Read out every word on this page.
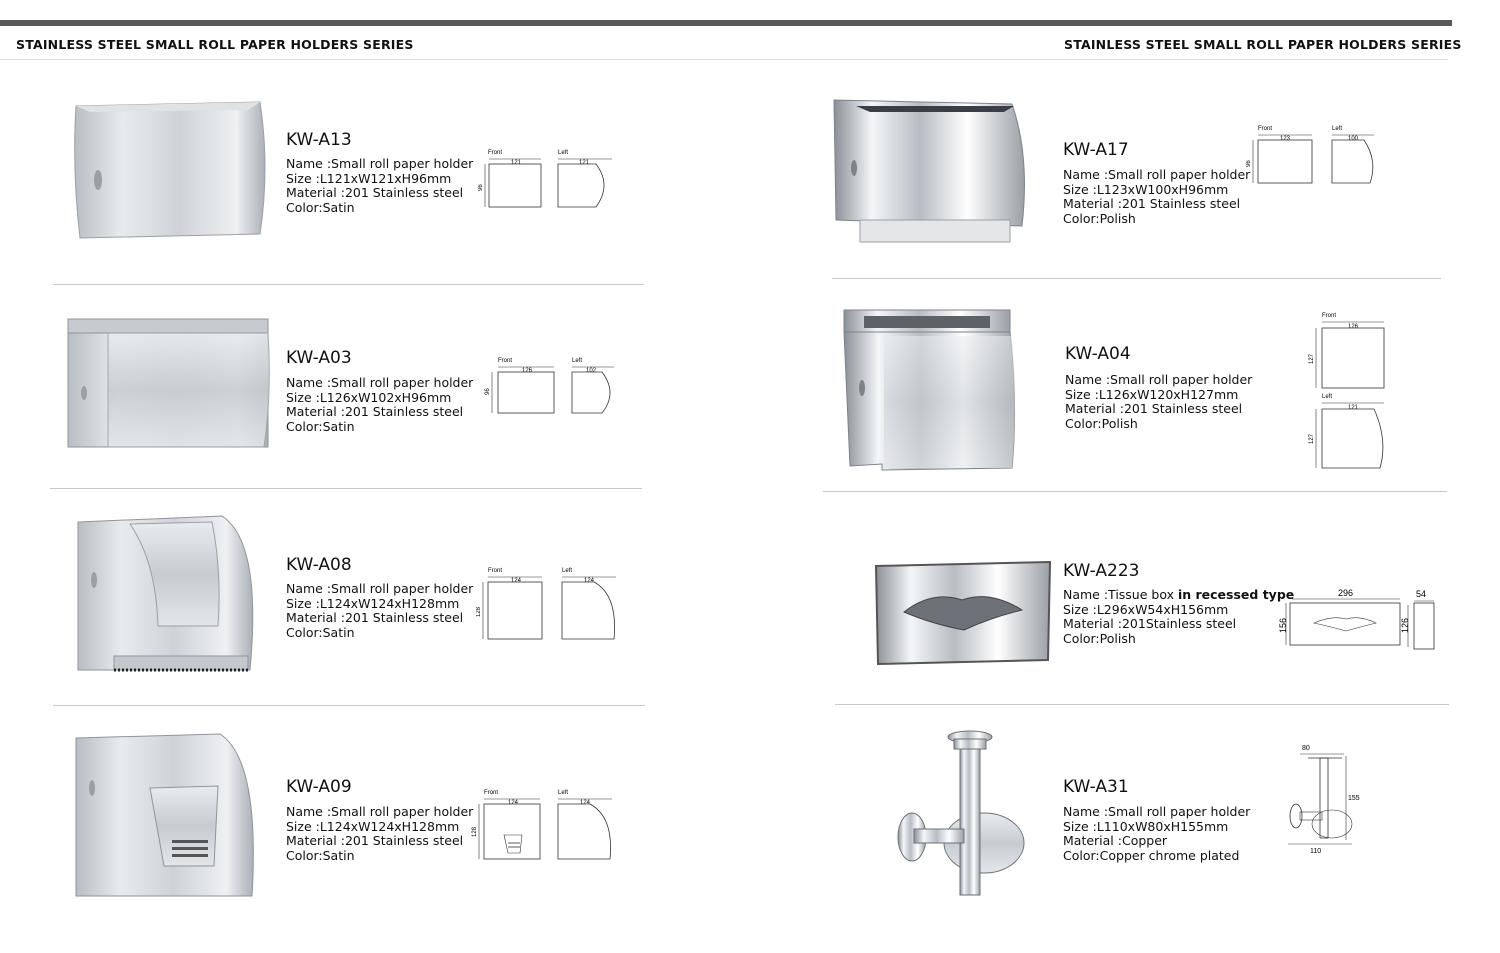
STAINLESS STEEL SMALL ROLL PAPER HOLDERS SERIES	STAINLESS STEEL SMALL ROLL PAPER HOLDERS SERIES
KW-A13
Name :Small roll paper holder
Size :L121xW121xH96mm
Material :201 Stainless steel
Color:Satin
Front	Left
121
96
121
KW-A03
Name :Small roll paper holder
Size :L126xW102xH96mm
Material :201 Stainless steel
Color:Satin
Front	Left
126
96
102
KW-A08
Name :Small roll paper holder
Size :L124xW124xH128mm
Material :201 Stainless steel
Color:Satin
Front	Left
124
128
124
KW-A09
Name :Small roll paper holder
Size :L124xW124xH128mm
Material :201 Stainless steel
Color:Satin
Front	Left
124
128
124
KW-A17
Name :Small roll paper holder
Size :L123xW100xH96mm
Material :201 Stainless steel
Color:Polish
Front	Left
123
96
100
KW-A04
Name :Small roll paper holder
Size :L126xW120xH127mm
Material :201 Stainless steel
Color:Polish
Front
126
127
Left
121
127
KW-A223
Name :Tissue box in recessed type
Size :L296xW54xH156mm
Material :201Stainless steel
Color:Polish
296
156
54
126
KW-A31
Name :Small roll paper holder
Size :L110xW80xH155mm
Material :Copper
Color:Copper chrome plated
80
155
110
